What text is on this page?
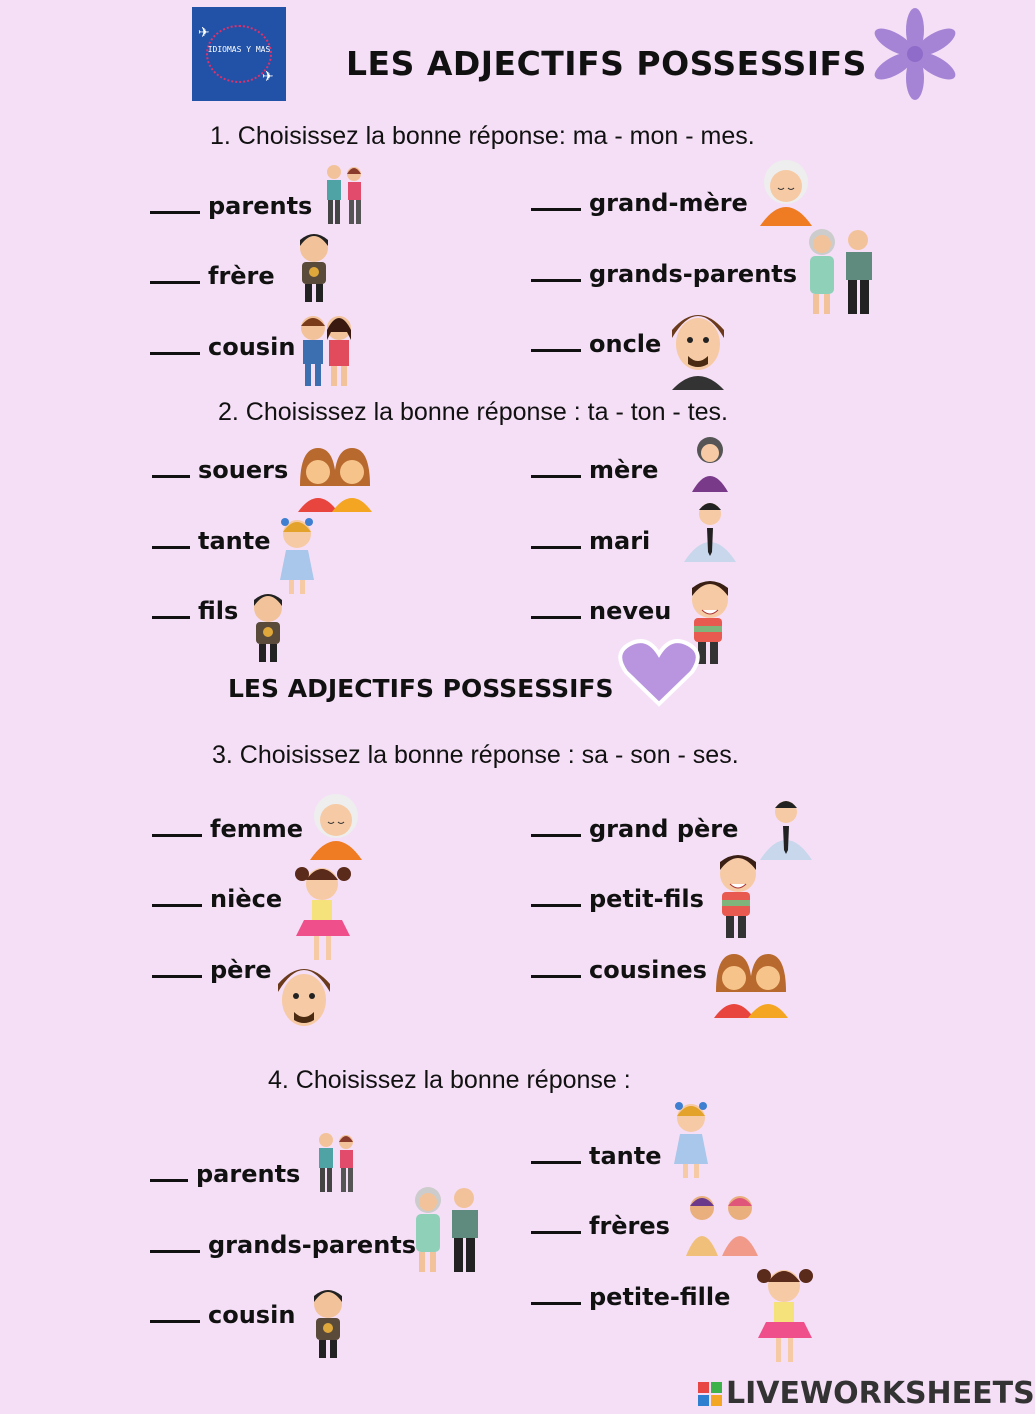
IDIOMAS Y MAS
✈
✈ LES ADJECTIFS POSSESSIFS
1. Choisissez la bonne réponse: ma - mon - mes.
parents
frère
cousin
grand-mère
grands-parents
oncle
2. Choisissez la bonne réponse : ta - ton - tes.
souers
tante
fils
mère
mari
neveu
LES ADJECTIFS POSSESSIFS
3. Choisissez la bonne réponse : sa - son - ses.
femme
nièce
père
grand père
petit-fils
cousines
4. Choisissez la bonne réponse :
parents
grands-parents
cousin
tante
frères
petite-fille
LIVE WORKSHEETS
